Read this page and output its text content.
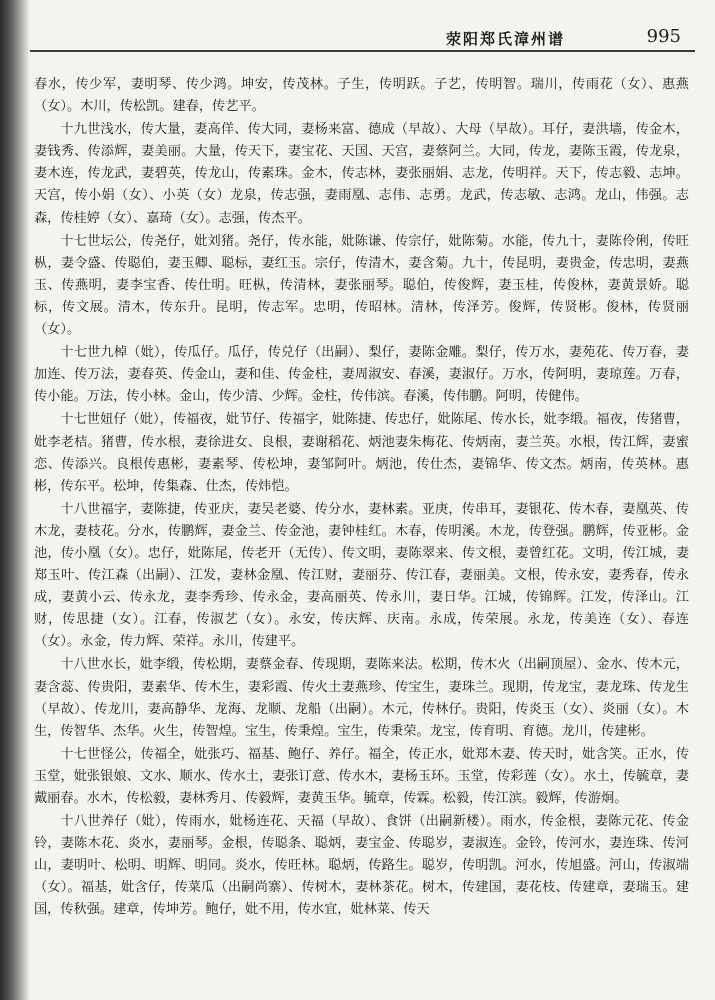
荥阳郑氏漳州谱	995

春水，传少军，妻明琴、传少鸿。坤安，传茂林。子生，传明跃。子艺，传明智。瑞川，传雨花（女）、惠燕（女）。木川，传松凯。建春，传艺平。

十九世浅水，传大量，妻高佯、传大同，妻杨来富、德成（早故）、大母（早故）。耳仔，妻洪墙，传金木，妻钱秀、传添辉，妻美丽。大量，传天下，妻宝花、天国、天宫，妻蔡阿兰。大同，传龙，妻陈玉霞，传龙泉，妻木连，传龙武，妻碧英，传龙山，传素珠。金木，传志林，妻张丽娟、志龙，传明祥。天下，传志毅、志坤。天宫，传小娟（女）、小英（女）龙泉，传志强，妻雨凰、志伟、志勇。龙武，传志敏、志鸿。龙山，伟强。志森，传桂婷（女）、嘉琦（女）。志强，传杰平。

十七世坛公，传尧仔，妣刘猪。尧仔，传水能，妣陈谦、传宗仔，妣陈菊。水能，传九十，妻陈伶俐，传旺枞，妻令盛、传聪伯，妻玉卿、聪标，妻红玉。宗仔，传清木，妻含菊。九十，传昆明，妻贵金，传忠明，妻燕玉、传燕明，妻李宝香、传仕明。旺枞，传清林，妻张丽琴。聪伯，传俊辉，妻玉桂，传俊林，妻黄景娇。聪标，传文展。清木，传东升。昆明，传志军。忠明，传昭林。清林，传泽芳。俊辉，传贤彬。俊林，传贤丽（女）。

十七世九棹（妣），传瓜仔。瓜仔，传兑仔（出嗣）、梨仔，妻陈金雕。梨仔，传万水，妻苑花、传万春，妻加连、传万法，妻春英、传金山，妻和佳、传金柱，妻周淑安、春溪，妻淑仔。万水，传阿明，妻琼莲。万春，传小能。万法，传小林。金山，传少清、少辉。金柱，传伟滨。春溪，传伟鹏。阿明，传健伟。

十七世妞仔（妣），传福夜，妣节仔、传福字，妣陈捷、传忠仔，妣陈尾、传水长，妣李缎。福夜，传猪曹，妣李老桔。猪曹，传水根，妻徐进女、良根，妻谢稻花、炳池妻朱梅花、传炳南，妻兰英。水根，传江辉，妻蜜恋、传添兴。良根传惠彬，妻素琴、传松坤，妻邹阿叶。炳池，传仕杰，妻锦华、传文杰。炳南，传英林。惠彬，传东平。松坤，传集森、仕杰，传炜恺。

十八世福字，妻陈捷，传亚庆，妻吴老婆、传分水，妻林素。亚庚，传串耳，妻银花、传木春，妻凰英、传木龙，妻枝花。分水，传鹏辉，妻金兰、传金池，妻钟桂红。木春，传明溪。木龙，传登强。鹏辉，传亚彬。金池，传小凰（女）。忠仔，妣陈尾，传老开（无传）、传文明，妻陈翠来、传文根，妻曾红花。文明，传江城，妻郑玉叶、传江森（出嗣）、江发，妻林金凰、传江财，妻丽芬、传江春，妻丽美。文根，传永安，妻秀春，传永成，妻黄小云、传永龙，妻李秀珍、传永金，妻高丽英、传永川，妻日华。江城，传锦辉。江发，传泽山。江财，传思捷（女）。江春，传淑艺（女）。永安，传庆辉、庆南。永成，传荣展。永龙，传美连（女）、春连（女）。永金，传力辉、荣祥。永川，传建平。

十八世水长，妣李缎，传松期，妻蔡金春、传现期，妻陈来法。松期，传木火（出嗣顶屋）、金水、传木元，妻含蕊、传贵阳，妻素华、传木生，妻彩霞、传火土妻燕珍、传宝生，妻珠兰。现期，传龙宝，妻龙珠、传龙生（早故）、传龙川，妻高静华、龙海、龙顺、龙船（出嗣）。木元，传林仔。贵阳，传炎玉（女）、炎丽（女）。木生，传智华、杰华。火生，传智煌。宝生，传秉煌。宝生，传秉荣。龙宝，传育明、育德。龙川，传建彬。

十七世怪公，传福全，妣张巧、福基、鲍仔、养仔。福全，传正水，妣郑木妻、传天时，妣含笑。正水，传玉堂，妣张银娘、文水、顺水、传水土，妻张订意、传水木，妻杨玉环。玉堂，传彩莲（女）。水土，传毓章，妻戴丽春。水木，传松毅，妻林秀月、传毅辉，妻黄玉华。毓章，传霖。松毅，传江滨。毅辉，传游炯。

十八世养仔（妣），传雨水，妣杨连花、天福（早故）、食饼（出嗣新楼）。雨水，传金根，妻陈元花、传金铃，妻陈木花、炎水，妻丽琴。金根，传聪条、聪炳，妻宝金、传聪岁，妻淑连。金铃，传河水，妻连珠、传河山，妻明叶、松明、明辉、明同。炎水，传旺林。聪炳，传路生。聪岁，传明凯。河水，传旭盛。河山，传淑端（女）。福基，妣含仔，传菜瓜（出嗣尚寨）、传树木，妻林茶花。树木，传建国，妻花枝、传建章，妻瑞玉。建国，传秋强。建章，传坤芳。鲍仔，妣不用，传水宜，妣林菜、传天
